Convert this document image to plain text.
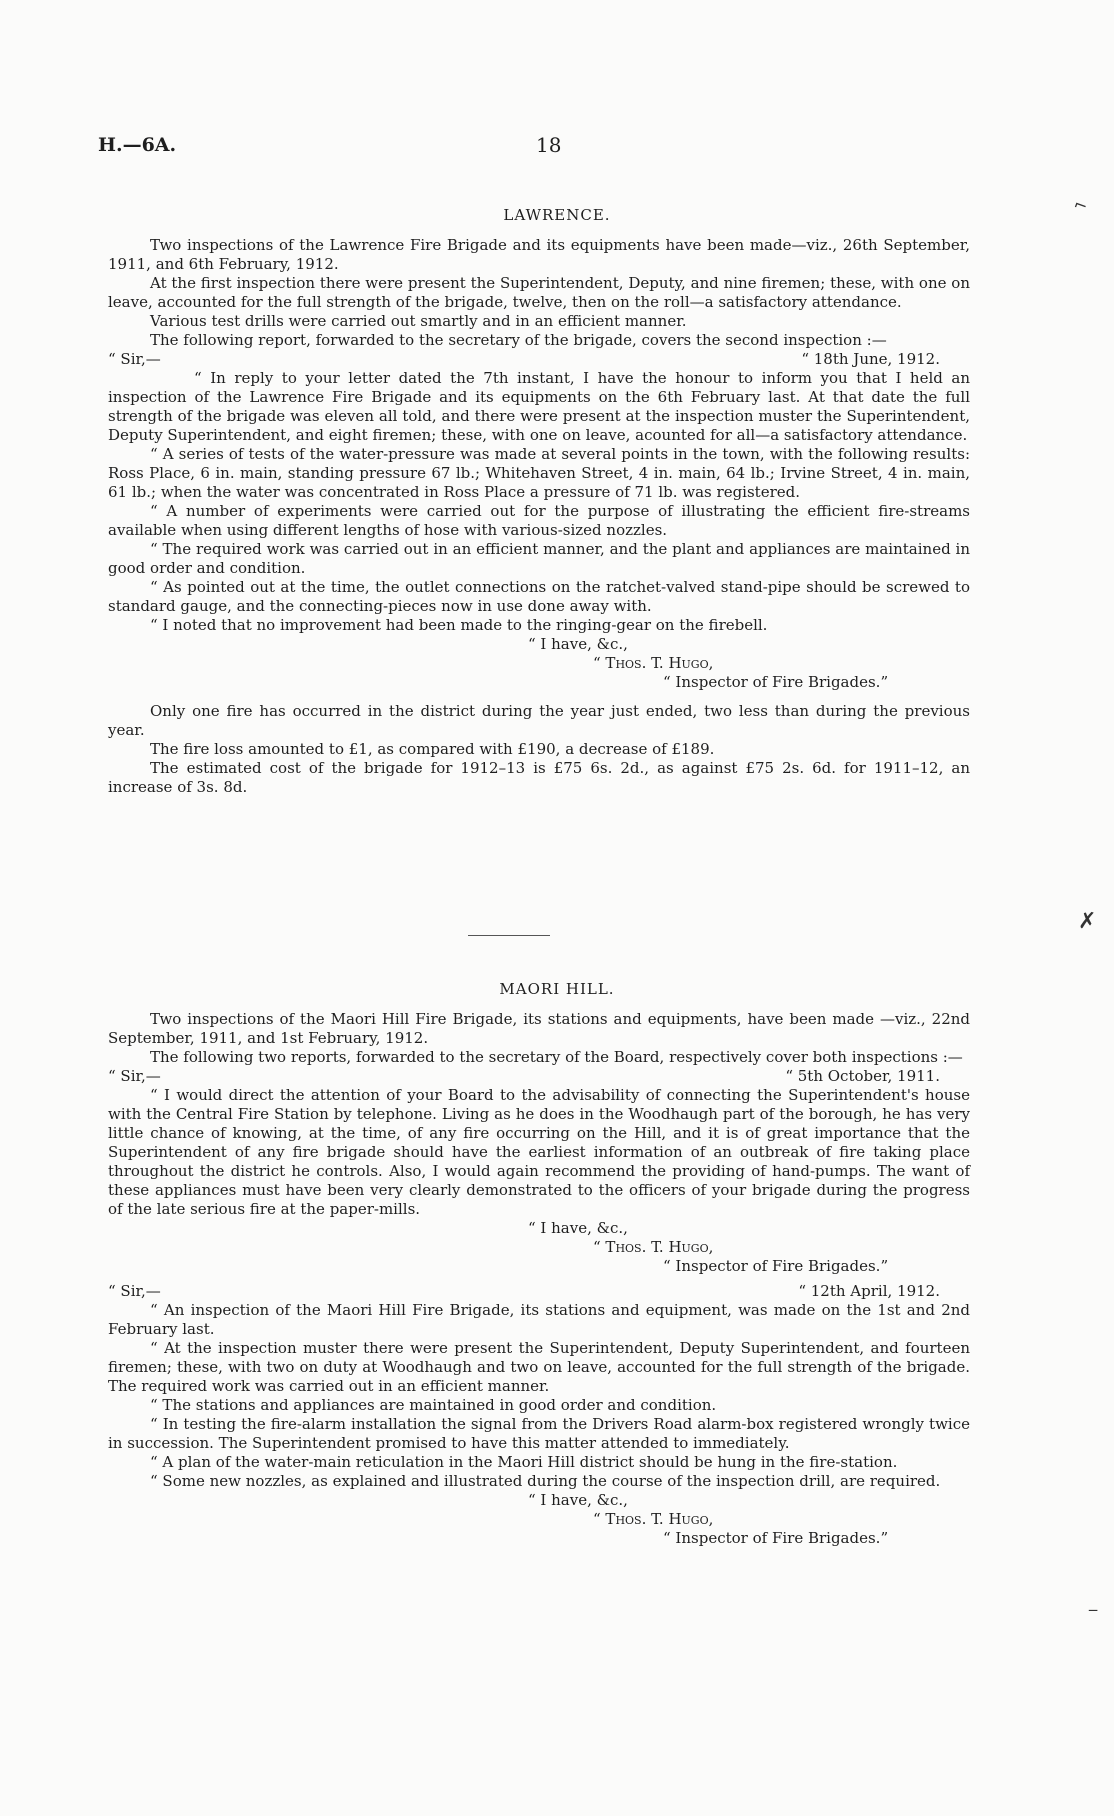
H.—6A.	18
LAWRENCE.

Two inspections of the Lawrence Fire Brigade and its equipments have been made—viz., 26th September, 1911, and 6th February, 1912.

At the first inspection there were present the Superintendent, Deputy, and nine firemen; these, with one on leave, accounted for the full strength of the brigade, twelve, then on the roll—a satisfactory attendance.

Various test drills were carried out smartly and in an efficient manner.

The following report, forwarded to the secretary of the brigade, covers the second inspection :—

“ Sir,—	“ 18th June, 1912.

“ In reply to your letter dated the 7th instant, I have the honour to inform you that I held an inspection of the Lawrence Fire Brigade and its equipments on the 6th February last. At that date the full strength of the brigade was eleven all told, and there were present at the inspection muster the Superintendent, Deputy Superintendent, and eight firemen; these, with one on leave, acounted for all—a satisfactory attendance.

“ A series of tests of the water-pressure was made at several points in the town, with the following results: Ross Place, 6 in. main, standing pressure 67 lb.; Whitehaven Street, 4 in. main, 64 lb.; Irvine Street, 4 in. main, 61 lb.; when the water was concentrated in Ross Place a pressure of 71 lb. was registered.

“ A number of experiments were carried out for the purpose of illustrating the efficient fire-streams available when using different lengths of hose with various-sized nozzles.

“ The required work was carried out in an efficient manner, and the plant and appliances are maintained in good order and condition.

“ As pointed out at the time, the outlet connections on the ratchet-valved stand-pipe should be screwed to standard gauge, and the connecting-pieces now in use done away with.

“ I noted that no improvement had been made to the ringing-gear on the firebell.

“ I have, &c.,

“ Thos. T. Hugo,

“ Inspector of Fire Brigades.”

Only one fire has occurred in the district during the year just ended, two less than during the previous year.

The fire loss amounted to £1, as compared with £190, a decrease of £189.

The estimated cost of the brigade for 1912–13 is £75 6s. 2d., as against £75 2s. 6d. for 1911–12, an increase of 3s. 8d.

MAORI HILL.

Two inspections of the Maori Hill Fire Brigade, its stations and equipments, have been made —viz., 22nd September, 1911, and 1st February, 1912.

The following two reports, forwarded to the secretary of the Board, respectively cover both inspections :—

“ Sir,—	“ 5th October, 1911.

“ I would direct the attention of your Board to the advisability of connecting the Superintendent's house with the Central Fire Station by telephone. Living as he does in the Woodhaugh part of the borough, he has very little chance of knowing, at the time, of any fire occurring on the Hill, and it is of great importance that the Superintendent of any fire brigade should have the earliest information of an outbreak of fire taking place throughout the district he controls. Also, I would again recommend the providing of hand-pumps. The want of these appliances must have been very clearly demonstrated to the officers of your brigade during the progress of the late serious fire at the paper-mills.

“ I have, &c.,

“ Thos. T. Hugo,

“ Inspector of Fire Brigades.”

“ Sir,—	“ 12th April, 1912.

“ An inspection of the Maori Hill Fire Brigade, its stations and equipment, was made on the 1st and 2nd February last.

“ At the inspection muster there were present the Superintendent, Deputy Superintendent, and fourteen firemen; these, with two on duty at Woodhaugh and two on leave, accounted for the full strength of the brigade. The required work was carried out in an efficient manner.

“ The stations and appliances are maintained in good order and condition.

“ In testing the fire-alarm installation the signal from the Drivers Road alarm-box registered wrongly twice in succession. The Superintendent promised to have this matter attended to immediately.

“ A plan of the water-main reticulation in the Maori Hill district should be hung in the fire-station.

“ Some new nozzles, as explained and illustrated during the course of the inspection drill, are required.

“ I have, &c.,

“ Thos. T. Hugo,

“ Inspector of Fire Brigades.”

⌐
✗
‒
